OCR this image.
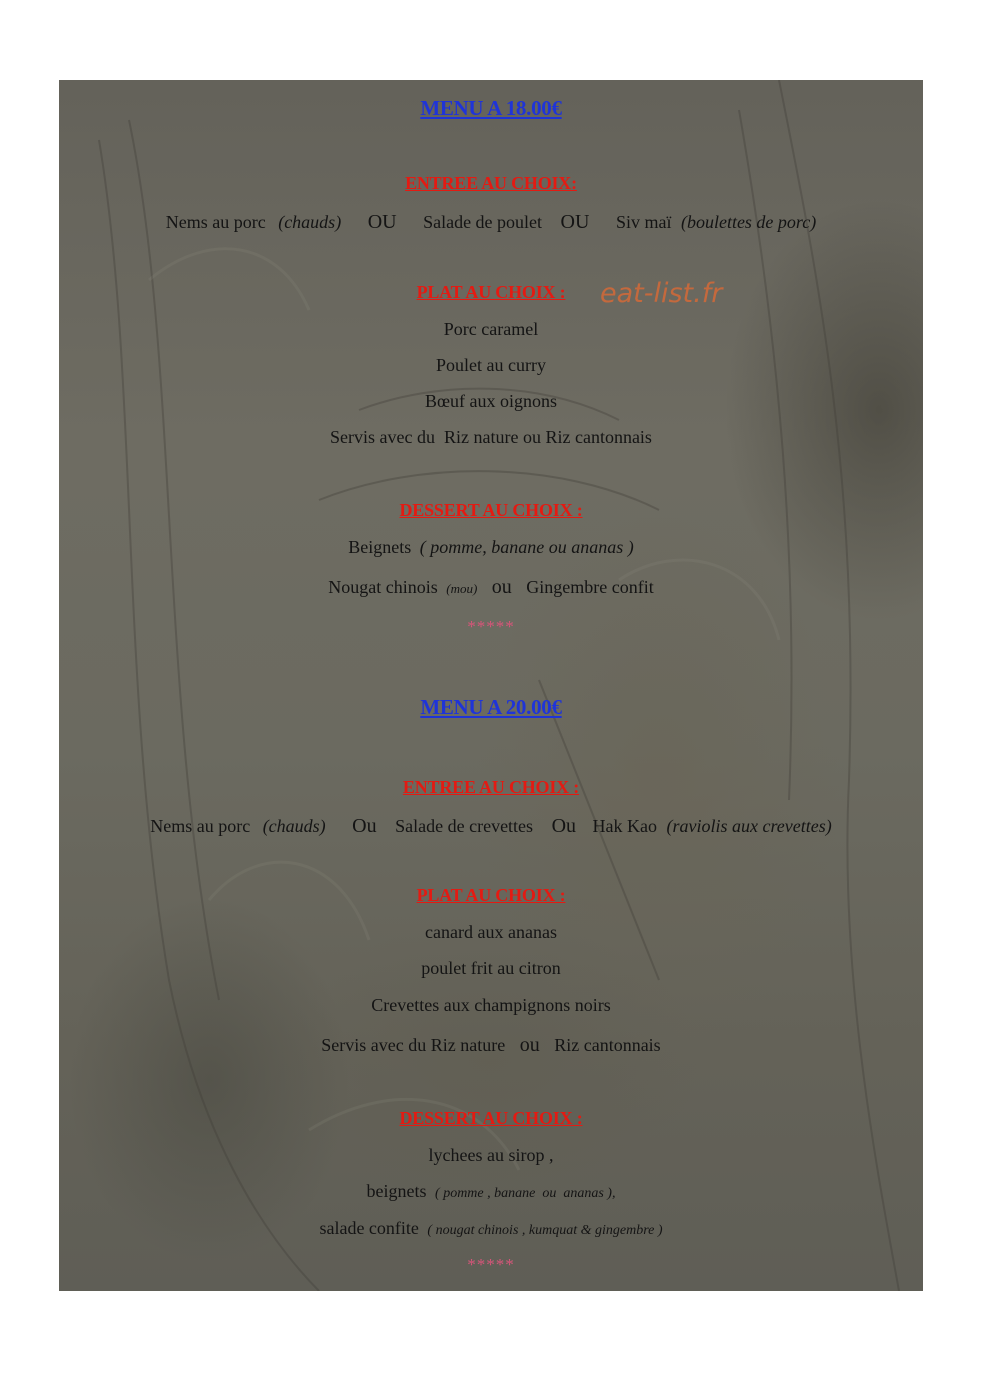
MENU A 18.00€
ENTREE AU CHOIX:
Nems au porc (chauds) OU Salade de poulet OU Siv maï (boulettes de porc)
PLAT AU CHOIX :
Porc caramel
Poulet au curry
Bœuf aux oignons
Servis avec du  Riz nature ou Riz cantonnais
DESSERT AU CHOIX :
Beignets ( pomme, banane ou ananas )
Nougat chinois (mou) ou Gingembre confit
*****
MENU A 20.00€
ENTREE AU CHOIX :
Nems au porc (chauds) Ou Salade de crevettes Ou Hak Kao (raviolis aux crevettes)
PLAT AU CHOIX :
canard aux ananas
poulet frit au citron
Crevettes aux champignons noirs
Servis avec du Riz nature ou Riz cantonnais
DESSERT AU CHOIX :
lychees au sirop ,
beignets ( pomme , banane  ou  ananas ),
salade confite ( nougat chinois , kumquat & gingembre )
*****
eat-list.fr
